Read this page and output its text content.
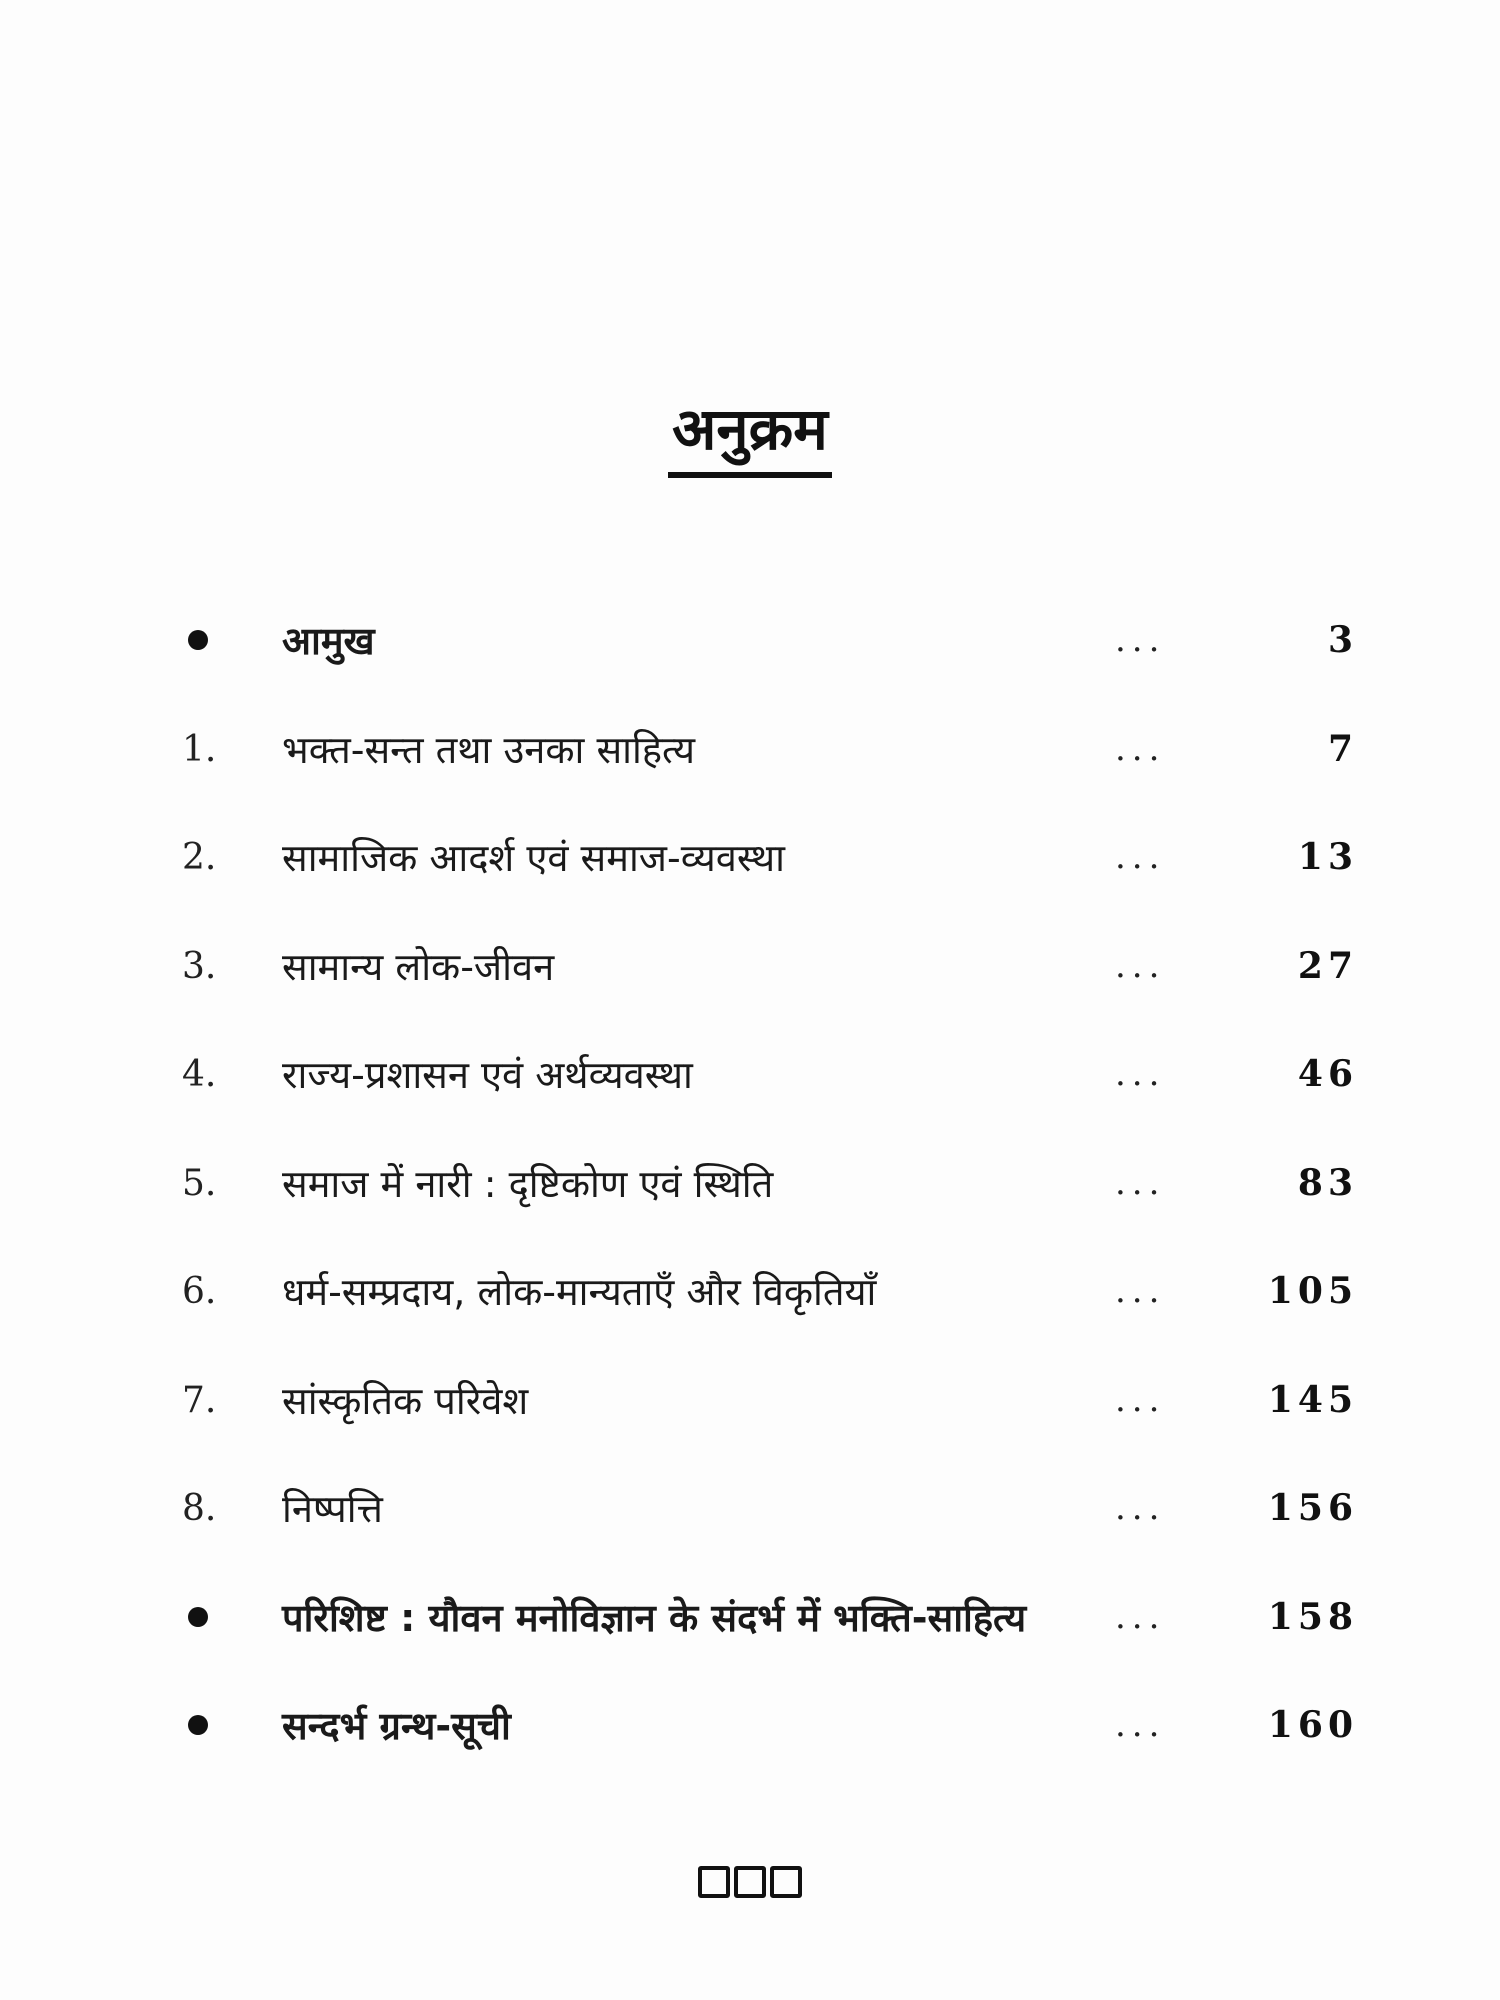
अनुक्रम
आमुख	...	3
1.	भक्त-सन्त तथा उनका साहित्य	...	7
2.	सामाजिक आदर्श एवं समाज-व्यवस्था	...	13
3.	सामान्य लोक-जीवन	...	27
4.	राज्य-प्रशासन एवं अर्थव्यवस्था	...	46
5.	समाज में नारी : दृष्टिकोण एवं स्थिति	...	83
6.	धर्म-सम्प्रदाय, लोक-मान्यताएँ और विकृतियाँ	...	105
7.	सांस्कृतिक परिवेश	...	145
8.	निष्पत्ति	...	156
परिशिष्ट : यौवन मनोविज्ञान के संदर्भ में भक्ति-साहित्य	...	158
सन्दर्भ ग्रन्थ-सूची	...	160
